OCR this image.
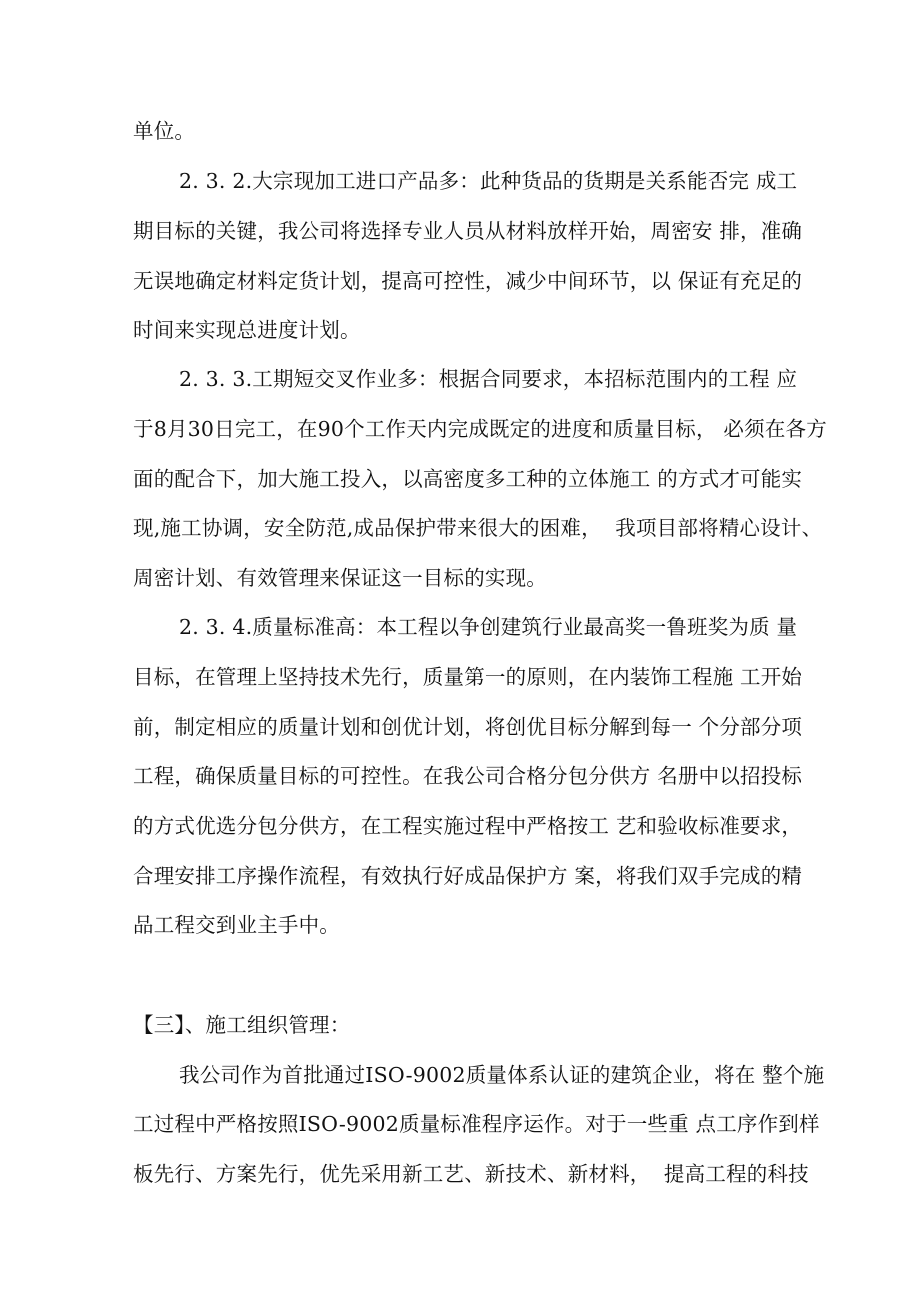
单位。
2. 3. 2.大宗现加工进口产品多：此种货品的货期是关系能否完 成工
期目标的关键，我公司将选择专业人员从材料放样开始，周密安 排，准确
无误地确定材料定货计划，提高可控性，减少中间环节，以 保证有充足的
时间来实现总进度计划。
2. 3. 3.工期短交叉作业多：根据合同要求，本招标范围内的工程 应
于8月30日完工，在90个工作天内完成既定的进度和质量目标， 必须在各方
面的配合下，加大施工投入，以高密度多工种的立体施工 的方式才可能实
现,施工协调，安全防范,成品保护带来很大的困难，  我项目部将精心设计、
周密计划、有效管理来保证这一目标的实现。
2. 3. 4.质量标准高：本工程以争创建筑行业最高奖一鲁班奖为质 量
目标，在管理上坚持技术先行，质量第一的原则，在内装饰工程施 工开始
前，制定相应的质量计划和创优计划，将创优目标分解到每一 个分部分项
工程，确保质量目标的可控性。在我公司合格分包分供方 名册中以招投标
的方式优选分包分供方，在工程实施过程中严格按工 艺和验收标准要求，
合理安排工序操作流程，有效执行好成品保护方 案，将我们双手完成的精
品工程交到业主手中。
【三】、施工组织管理：
我公司作为首批通过ISO-9002质量体系认证的建筑企业，将在 整个施
工过程中严格按照ISO-9002质量标准程序运作。对于一些重 点工序作到样
板先行、方案先行，优先采用新工艺、新技术、新材料，  提高工程的科技
